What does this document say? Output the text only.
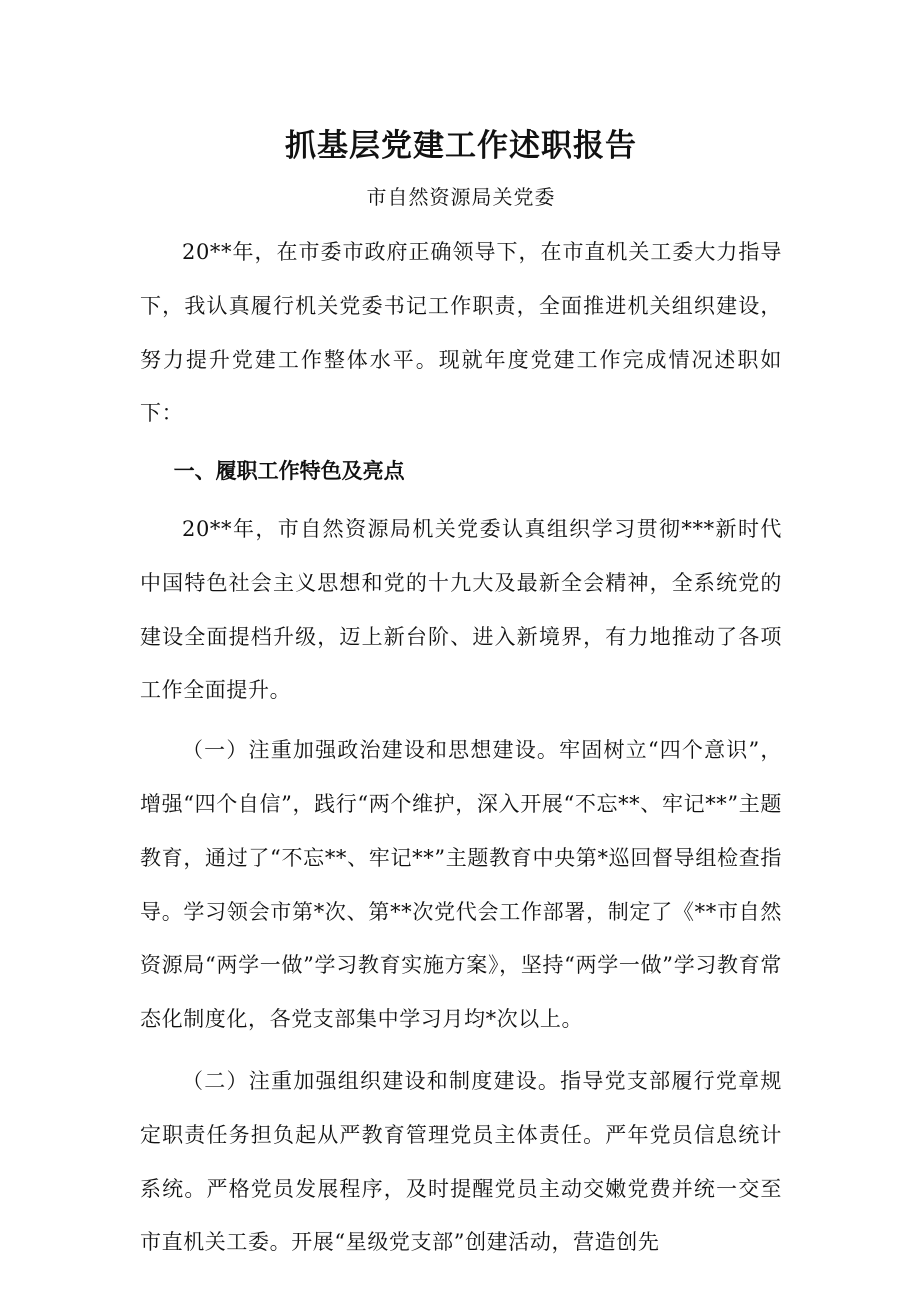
抓基层党建工作述职报告

市自然资源局关党委

20**年，在市委市政府正确领导下，在市直机关工委大力指导下，我认真履行机关党委书记工作职责，全面推进机关组织建设，努力提升党建工作整体水平。现就年度党建工作完成情况述职如下：

一、履职工作特色及亮点

20**年，市自然资源局机关党委认真组织学习贯彻***新时代中国特色社会主义思想和党的十九大及最新全会精神，全系统党的建设全面提档升级，迈上新台阶、进入新境界，有力地推动了各项工作全面提升。

（一）注重加强政治建设和思想建设。牢固树立“四个意识”，增强“四个自信”，践行“两个维护，深入开展“不忘**、牢记**”主题教育，通过了“不忘**、牢记**”主题教育中央第*巡回督导组检查指导。学习领会市第*次、第**次党代会工作部署，制定了《**市自然资源局“两学一做”学习教育实施方案》，坚持“两学一做”学习教育常态化制度化，各党支部集中学习月均*次以上。

（二）注重加强组织建设和制度建设。指导党支部履行党章规定职责任务担负起从严教育管理党员主体责任。严年党员信息统计系统。严格党员发展程序，及时提醒党员主动交嫩党费并统一交至市直机关工委。开展“星级党支部”创建活动，营造创先
